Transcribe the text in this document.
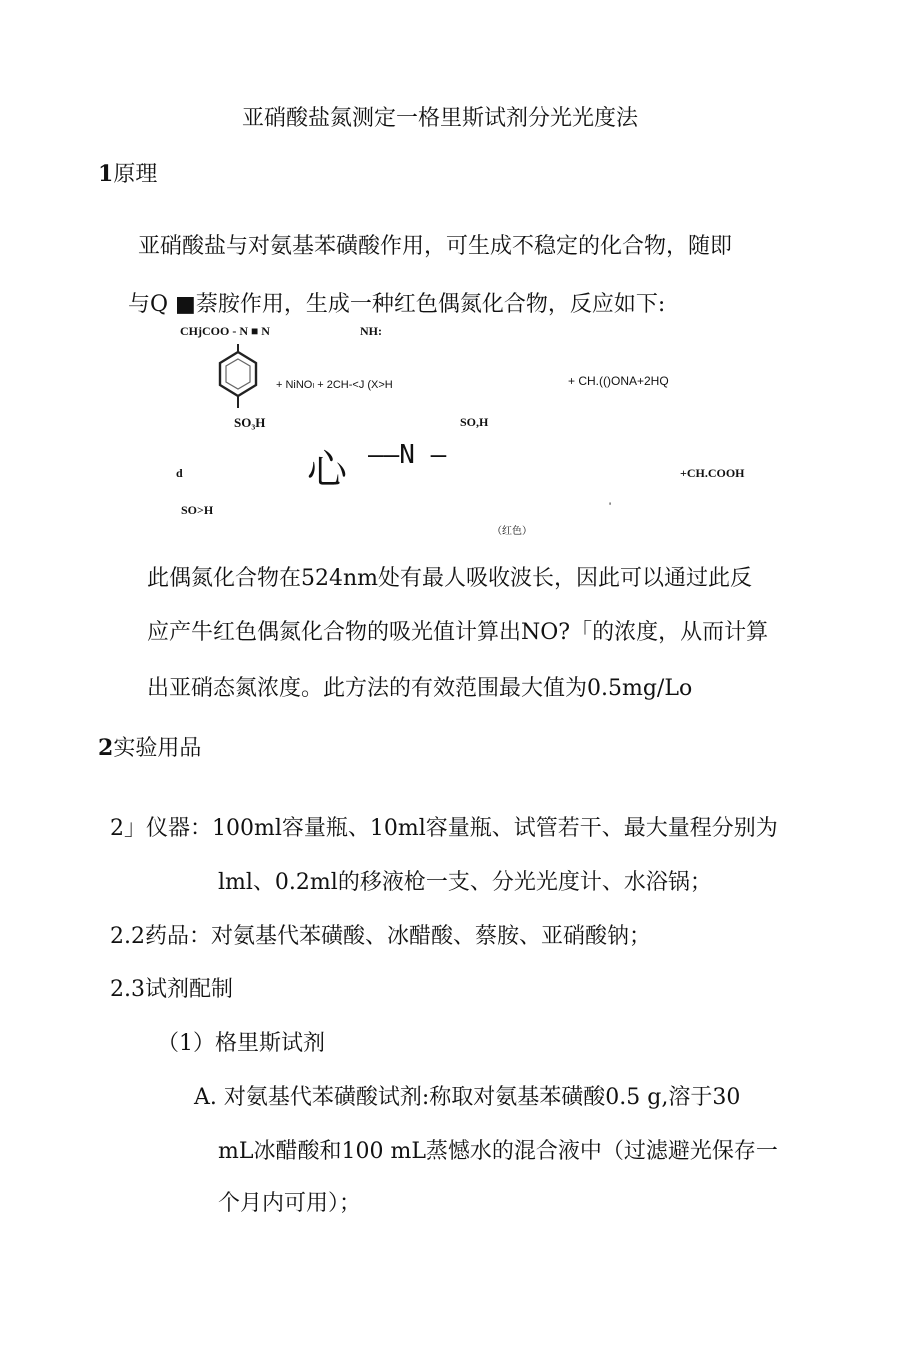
亚硝酸盐氮测定一格里斯试剂分光光度法
1原理
亚硝酸盐与对氨基苯磺酸作用，可生成不稳定的化合物，随即
与Q ■萘胺作用，生成一种红色偶氮化合物，反应如下:
CHjCOO - N ■ N	NH:
SO₃H
+ NiNOₗ + 2CH-<J (X>H	+ CH.(()ONA+2HQ
SO,H
d	心 ——N —
+CH.COOH
SO>H	'
（红色）
此偶氮化合物在524nm处有最人吸收波长，因此可以通过此反
应产牛红色偶氮化合物的吸光值计算出NO?「的浓度，从而计算
出亚硝态氮浓度。此方法的有效范围最大值为0.5mg/Lo
2实验用品
2」仪器：100ml容量瓶、10ml容量瓶、试管若干、最大量程分别为
lml、0.2ml的移液枪一支、分光光度计、水浴锅；
2.2药品：对氨基代苯磺酸、冰醋酸、蔡胺、亚硝酸钠；
2.3试剂配制
（1）格里斯试剂
A. 对氨基代苯磺酸试剂:称取对氨基苯磺酸0.5 g,溶于30
mL冰醋酸和100 mL蒸憾水的混合液中（过滤避光保存一
个月内可用）；
